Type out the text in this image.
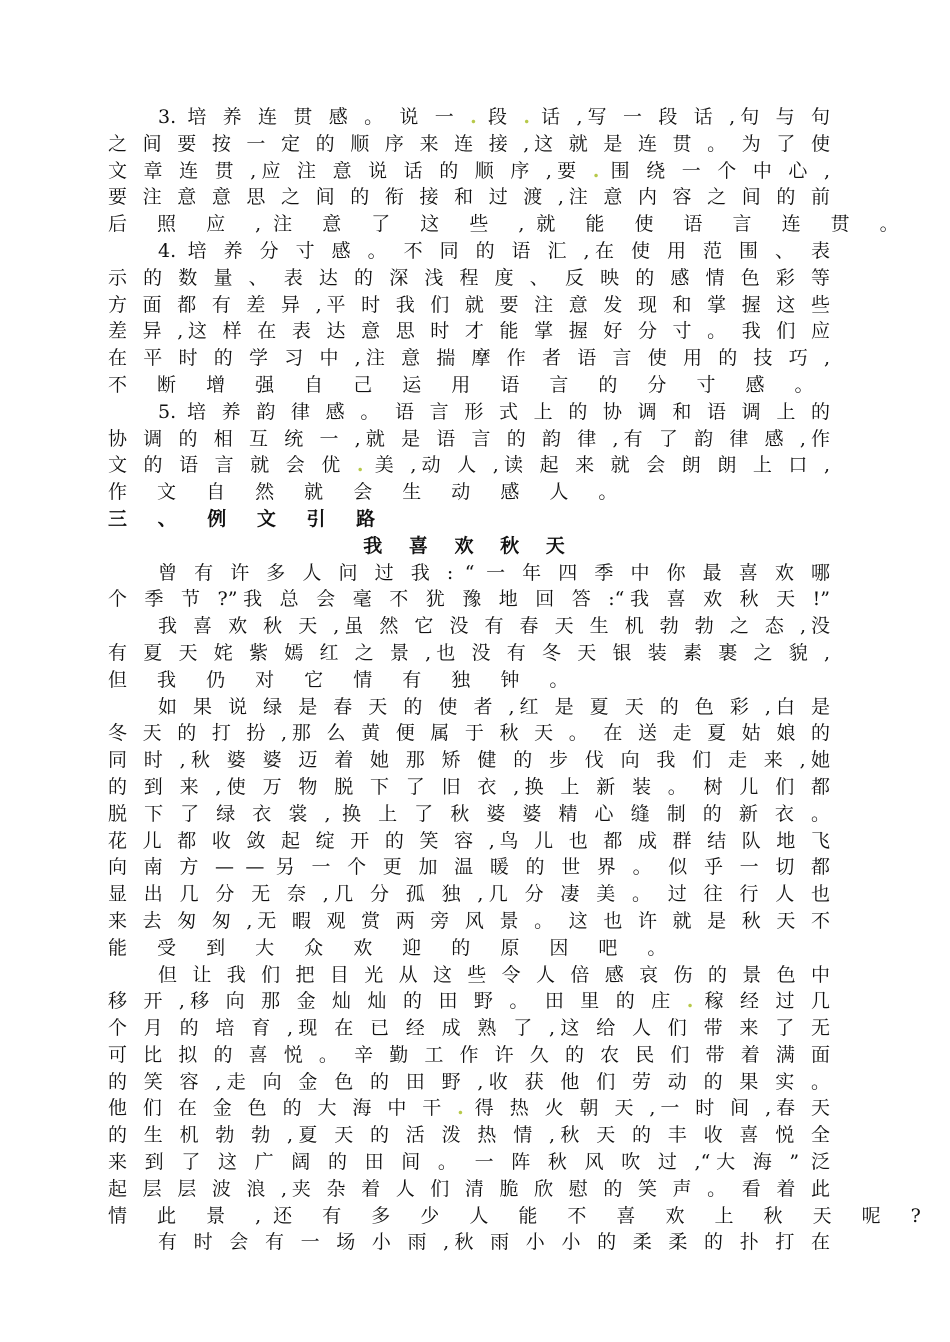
3. 培 养 连 贯 感 。 说 一 . 段 . 话 ,写 一 段 话 ,句 与 句
之 间 要 按 一 定 的 顺 序 来 连 接 ,这 就 是 连 贯 。 为 了 使
文 章 连 贯 ,应 注 意 说 话 的 顺 序 ,要 . 围 绕 一 个 中 心 ,
要 注 意 意 思 之 间 的 衔 接 和 过 渡 ,注 意 内 容 之 间 的 前
后 照 应 ,注 意 了 这 些 ,就 能 使 语 言 连 贯 。
4. 培 养 分 寸 感 。 不 同 的 语 汇 ,在 使 用 范 围 、 表
示 的 数 量 、 表 达 的 深 浅 程 度 、 反 映 的 感 情 色 彩 等
方 面 都 有 差 异 ,平 时 我 们 就 要 注 意 发 现 和 掌 握 这 些
差 异 ,这 样 在 表 达 意 思 时 才 能 掌 握 好 分 寸 。 我 们 应
在 平 时 的 学 习 中 ,注 意 揣 摩 作 者 语 言 使 用 的 技 巧 ,
不 断 增 强 自 己 运 用 语 言 的 分 寸 感 。
5. 培 养 韵 律 感 。 语 言 形 式 上 的 协 调 和 语 调 上 的
协 调 的 相 互 统 一 ,就 是 语 言 的 韵 律 ,有 了 韵 律 感 ,作
文 的 语 言 就 会 优 . 美 ,动 人 ,读 起 来 就 会 朗 朗 上 口 ,
作 文 自 然 就 会 生 动 感 人 。
三 、 例 文 引 路
我 喜 欢 秋 天
曾 有 许 多 人 问 过 我 : “ 一 年 四 季 中 你 最 喜 欢 哪
个 季 节 ?”我 总 会 毫 不 犹 豫 地 回 答 :“我 喜 欢 秋 天 !”
我 喜 欢 秋 天 ,虽 然 它 没 有 春 天 生 机 勃 勃 之 态 ,没
有 夏 天 姹 紫 嫣 红 之 景 ,也 没 有 冬 天 银 装 素 裹 之 貌 ,
但 我 仍 对 它 情 有 独 钟 。
如 果 说 绿 是 春 天 的 使 者 ,红 是 夏 天 的 色 彩 ,白 是
冬 天 的 打 扮 ,那 么 黄 便 属 于 秋 天 。 在 送 走 夏 姑 娘 的
同 时 ,秋 婆 婆 迈 着 她 那 矫 健 的 步 伐 向 我 们 走 来 ,她
的 到 来 ,使 万 物 脱 下 了 旧 衣 ,换 上 新 装 。 树 儿 们 都
脱 下 了 绿 衣 裳 , 换 上 了 秋 婆 婆 精 心 缝 制 的 新 衣 。
花 儿 都 收 敛 起 绽 开 的 笑 容 ,鸟 儿 也 都 成 群 结 队 地 飞
向 南 方 — — 另 一 个 更 加 温 暖 的 世 界 。 似 乎 一 切 都
显 出 几 分 无 奈 ,几 分 孤 独 ,几 分 凄 美 。 过 往 行 人 也
来 去 匆 匆 ,无 暇 观 赏 两 旁 风 景 。 这 也 许 就 是 秋 天 不
能 受 到 大 众 欢 迎 的 原 因 吧 。
但 让 我 们 把 目 光 从 这 些 令 人 倍 感 哀 伤 的 景 色 中
移 开 ,移 向 那 金 灿 灿 的 田 野 。 田 里 的 庄 . 稼 经 过 几
个 月 的 培 育 ,现 在 已 经 成 熟 了 ,这 给 人 们 带 来 了 无
可 比 拟 的 喜 悦 。 辛 勤 工 作 许 久 的 农 民 们 带 着 满 面
的 笑 容 ,走 向 金 色 的 田 野 ,收 获 他 们 劳 动 的 果 实 。
他 们 在 金 色 的 大 海 中 干 . 得 热 火 朝 天 ,一 时 间 ,春 天
的 生 机 勃 勃 ,夏 天 的 活 泼 热 情 ,秋 天 的 丰 收 喜 悦 全
来 到 了 这 广 阔 的 田 间 。 一 阵 秋 风 吹 过 ,“大 海 ” 泛
起 层 层 波 浪 ,夹 杂 着 人 们 清 脆 欣 慰 的 笑 声 。 看 着 此
情 此 景 ,还 有 多 少 人 能 不 喜 欢 上 秋 天 呢 ?
有 时 会 有 一 场 小 雨 ,秋 雨 小 小 的 柔 柔 的 扑 打 在
